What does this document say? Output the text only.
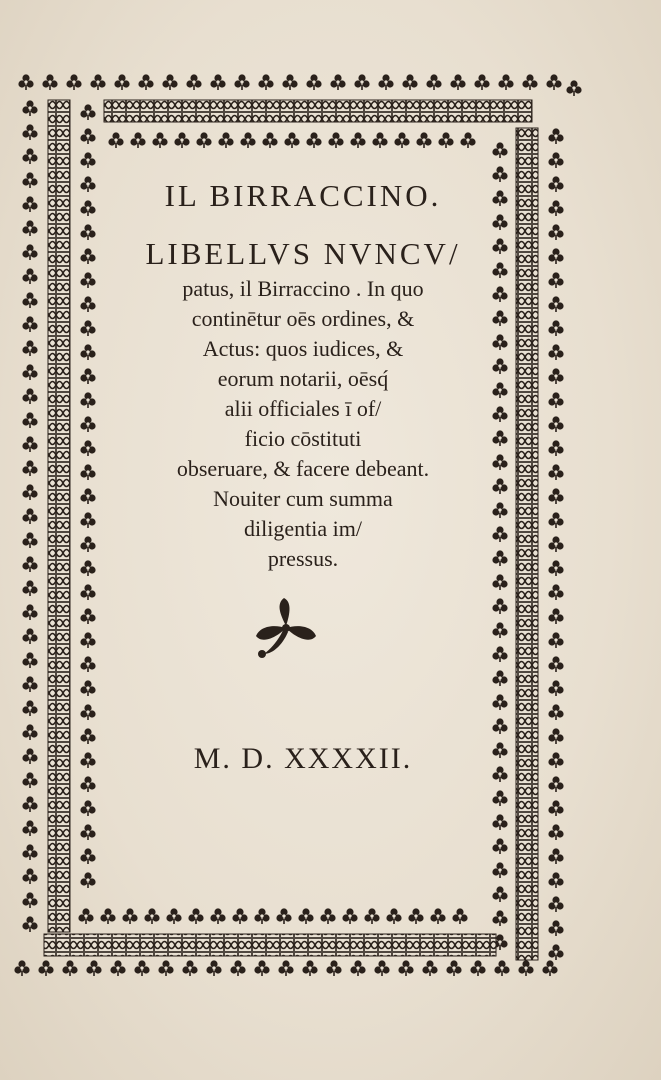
IL BIRRACCINO.
LIBELLVS NVNCV/
patus, il Birraccino . In quo
continētur oēs ordines, &
Actus: quos iudices, &
eorum notarii, oēsq́
alii officiales ī of/
ficio cōstituti
obseruare, & facere debeant.
Nouiter cum summa
diligentia im/
pressus.
M. D. XXXXII.
